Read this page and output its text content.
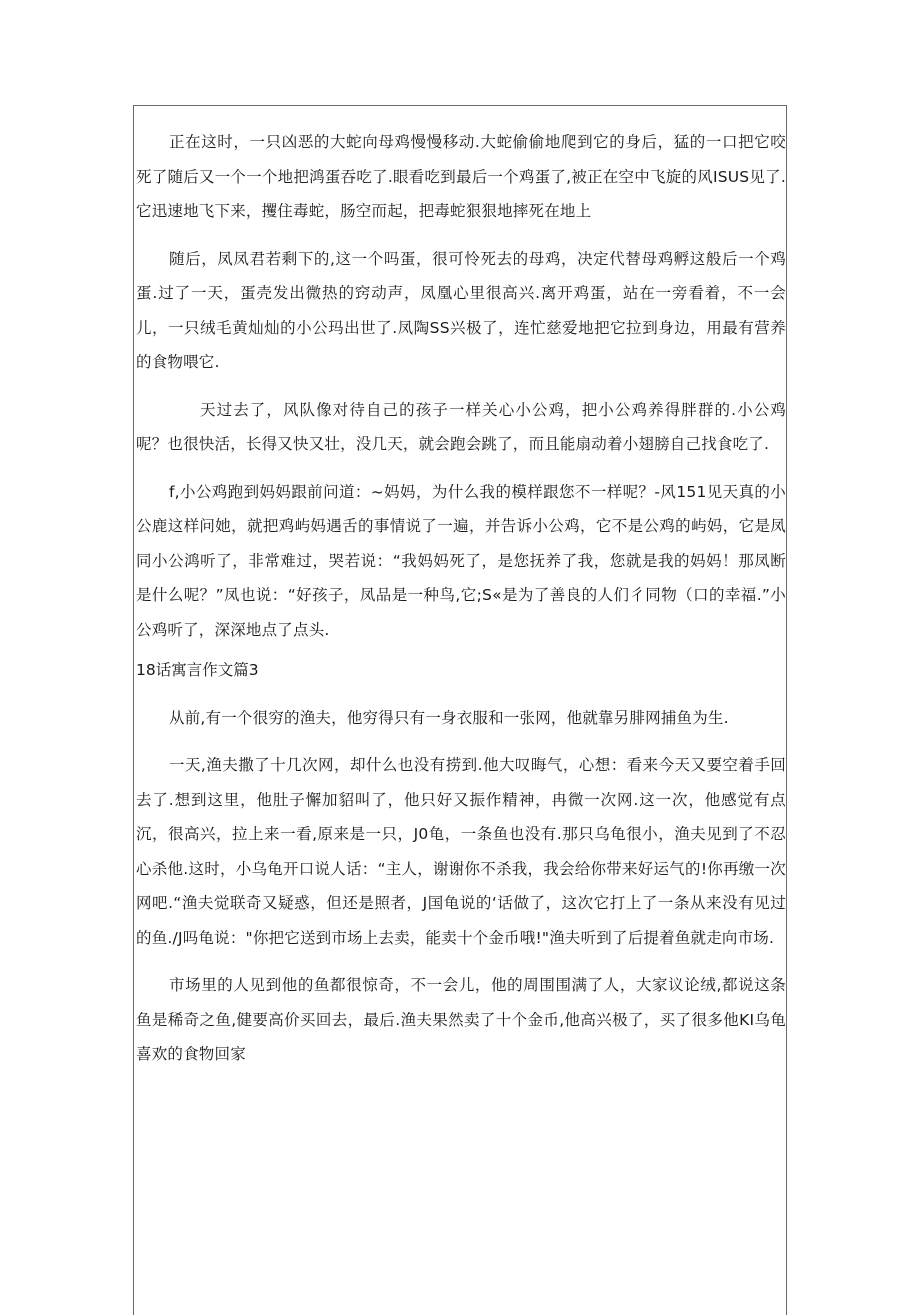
正在这时，一只凶恶的大蛇向母鸡慢慢移动.大蛇偷偷地爬到它的身后，猛的一口把它咬死了随后又一个一个地把鸿蛋吞吃了.眼看吃到最后一个鸡蛋了,被正在空中飞旋的风ISUS见了.它迅速地飞下来，攫住毒蛇，肠空而起，把毒蛇狠狠地摔死在地上

随后，凤凤君若剩下的,这一个吗蛋，很可怜死去的母鸡，决定代替母鸡孵这般后一个鸡蛋.过了一天，蛋壳发出微热的窍动声，凤凰心里很高兴.离开鸡蛋，站在一旁看着，不一会儿，一只绒毛黄灿灿的小公玛出世了.凤陶SS兴极了，连忙慈爱地把它拉到身边，用最有营养的食物喂它.

天过去了，风队像对待自己的孩子一样关心小公鸡，把小公鸡养得胖群的.小公鸡呢？也很快活，长得又快又壮，没几天，就会跑会跳了，而且能扇动着小翅膀自己找食吃了.

f,小公鸡跑到妈妈跟前问道：~妈妈，为什么我的模样跟您不一样呢？-风151见天真的小公鹿这样问她，就把鸡屿妈遇舌的事情说了一遍，并告诉小公鸡，它不是公鸡的屿妈，它是凤同小公鸿听了，非常难过，哭若说：“我妈妈死了，是您抚养了我，您就是我的妈妈！那凤断是什么呢？”凤也说：“好孩子，凤品是一种鸟,它;S«是为了善良的人们彳同物（口的幸福.”小公鸡听了，深深地点了点头.

18话寓言作文篇3

从前,有一个很穷的渔夫，他穷得只有一身衣服和一张网，他就靠另腓网捕鱼为生.

一天,渔夫撒了十几次网，却什么也没有捞到.他大叹晦气，心想：看来今天又要空着手回去了.想到这里，他肚子懈加貂叫了，他只好又振作精神，冉微一次网.这一次，他感觉有点沉，很高兴，拉上来一看,原来是一只，J0龟，一条鱼也没有.那只乌龟很小，渔夫见到了不忍心杀他.这时，小乌龟开口说人话：“主人，谢谢你不杀我，我会给你带来好运气的!你再缴一次网吧.“渔夫觉联奇又疑惑，但还是照者，J国龟说的‘话做了，这次它打上了一条从来没有见过的鱼./J吗龟说："你把它送到市场上去卖，能卖十个金币哦!"渔夫听到了后提着鱼就走向市场.

市场里的人见到他的鱼都很惊奇，不一会儿，他的周围围满了人，大家议论绒,都说这条鱼是稀奇之鱼,健要高价买回去，最后.渔夫果然卖了十个金币,他高兴极了，买了很多他KI乌龟喜欢的食物回家
